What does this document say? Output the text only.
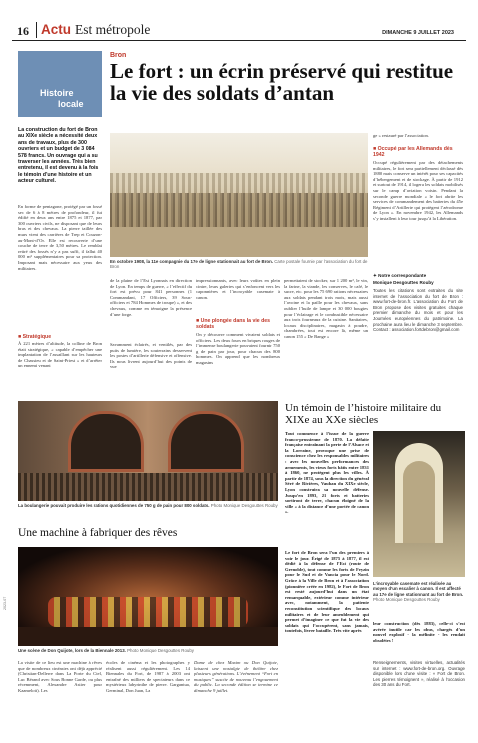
16 Actu Est métropole	DIMANCHE 9 JUILLET 2023
Histoire
locale
Bron
Le fort : un écrin préservé qui restitue la vie des soldats d’antan
La construction du fort de Bron au XIXe siècle a nécessité deux ans de travaux, plus de 300 ouvriers et un budget de 3 084 578 francs. Un ouvrage qui a su traverser les années. Très bien entretenu, il est devenu à la fois le témoin d’une histoire et un acteur culturel.
En forme de pentagone, protégé par un fossé sec de 6 à 8 mètres de profondeur, il fut édifié en deux ans entre 1875 et 1877, par 300 ouvriers civils, ne disposant que de leurs bras et des chevaux. La pierre taillée des murs vient des carrières de Trep et Couzon-au-Mont-d’Or. Elle est recouverte d’une couche de terre de 3,50 mètres. Le remblai retiré des fossés n’y a pas suffi, il fallut 40 000 m³ supplémentaires pour sa protection. Imposant mais nécessaire aux yeux des militaires.
■ Stratégique
À 221 mètres d’altitude, la colline de Bron était stratégique, « capable d’empêcher une implantation de l’assaillant sur les hauteurs de Chassieu et de Saint-Priest » et d’arrêter un ennemi venant
En octobre 1908, la 11e compagnie du 17e de ligne stationnait au fort de Bron. Carte postale fournie par l’association du fort de Bron
de la plaine de l’Est Lyonnais en direction de Lyon. En temps de guerre, « l’effectif du fort est prévu pour 841 personnes (1 Commandant, 17 Officiers, 39 Sous-officiers et 784 Hommes de troupe) », et des chevaux, comme en témoigne la présence d’une forge.
Savamment éclairés, et ventilés, par des puits de lumière, les souterrains desservent les postes d’artillerie défensive et offensive. Ils nous livrent aujourd’hui des points de vue
impressionnants, avec leurs voûtes en plein cintre, leurs galeries qui s’enfoncent vers les caponnières et l’incroyable casemate à canon.
■ Une plongée dans la vie des soldats
On y découvre comment vivaient soldats et officiers. Les deux fours en briques rouges de l’immense boulangerie pouvaient fournir 750 g de pain par jour, pour chacun des 800 hommes. On apprend que les nombreux magasins
permettaient de stocker, sur 1 200 m², le vin, la farine, la viande, les conserves, le café, le sucre, etc. pour les 75 690 rations nécessaires aux soldats pendant trois mois, mais aussi l’avoine et la paille pour les chevaux, sans oublier l’huile de lampe et 30 000 bougies pour l’éclairage et le combustible nécessaire aux trois fourneaux de la cuisine. Sanitaires, locaux disciplinaires, magasin à poudre, chambrées, tout est encore là, même un canon 155 « De Bange »
ge » restauré par l’association.
■ Occupé par les Allemands dès 1942
Occupé régulièrement par des détachements militaires, le fort sera partiellement déclassé dès 1880 mais conserve un intérêt pour ses capacités d’hébergement et de stockage. À partir de 1912 et surtout de 1914, il logera les soldats mobilisés sur le camp d’aviation voisin. Pendant la seconde guerre mondiale « le fort abrite les services de commandement des batteries du 45e Régiment d’Artillerie qui protègent l’aérodrome de Lyon ». En novembre 1942, les Allemands s’y installent à leur tour jusqu’à la Libération.
✦ Notre correspondante
Monique Desgouttes Rouby
Toutes les citations sont extraites du site internet de l’association du fort de Bron : www.fort-de-bron.fr. L’association du Fort de Bron propose des visites gratuites chaque premier dimanche du mois et pour les Journées européennes du patrimoine. La prochaine aura lieu le dimanche 3 septembre. Contact : association.fortdebron@gmail.com
La boulangerie pouvait produire les rations quotidiennes de 750 g de pain pour 800 soldats. Photo Monique Desgouttes Rouby
Un témoin de l’histoire militaire du XIXe au XXe siècles
Tout commence à l’issue de la guerre franco-prussienne de 1870. La défaite française entraînant la perte de l’Alsace et la Lorraine, provoque une prise de conscience chez les responsables militaires : avec les nouvelles performances des armements, les vieux forts bâtis entre 1831 à 1860, ne protègent plus les villes. À partir de 1874, sous la direction du général Séré de Rivières, Vauban du XIXe siècle, Lyon construira sa nouvelle défense. Jusqu’en 1893, 21 forts et batteries sortiront de terre, chacun éloigné de la ville « à la distance d’une portée de canon ».
Le fort de Bron sera l’un des premiers à voir le jour. Érigé de 1875 à 1877, il est dédié à la défense de l’Est (route de Grenoble), tout comme les forts de Feyzin pour le Sud et de Vancia pour le Nord. Grâce à la Ville de Bron et à l’association (pionnière créée en 1982), le Fort de Bron est resté aujourd’hui dans un état remarquable, extérieur comme intérieur avec, notamment, la patiente reconstitution scientifique des locaux militaires et de leur ameublement qui permet d’imaginer ce que fut la vie des soldats qui l’occupèrent, sans jamais, toutefois, livrer bataille. Très vite après
L’incroyable casemate est réalisée au moyen d’un escalier à canon. Il est affecté au 17e de ligne stationnant au fort de Bron. Photo Monique Desgouttes Rouby
leur construction (dès 1883), celle-ci s’est avérée inutile car les obus, chargés d’un nouvel explosif - la mélinite - les rendait obsolètes !
Renseignements, visites virtuelles, actualités sur internet : www.fort-de-bron.org. Ouvrage disponible lors d’une visite : « Fort de Bron. Les pierres témoignent », réalisé à l’occasion des 30 ans du Fort.
Une machine à fabriquer des rêves
Une scène de Don Quijote, lors de la Biennale 2013. Photo Monique Desgouttes Rouby
La visite de ce lieu est une machine à rêves que de nombreux cinéastes ont déjà apprécié (Christian-Dellerre dans La Porte du Ciel, Luc Bérand avec Sous Bonne Garde, ou plus récemment, Alexandre Astier pour Kaamelott). Les
écoles de cinéma et les photographes y réalisent aussi régulièrement. Les 14 Biennales du Fort, de 1987 à 2003 ont entraîné des milliers de spectateurs dans ce mystérieux labyrinthe de pierre. Gargantua, Germinal, Don Juan, La
Dame de chez Maxim ou Don Quijote, laissent une nostalgie de théâtre chez plusieurs générations. L’événement “Fort en musiques” suscite de nouveau l’engouement du public. La seconde édition se termine ce dimanche 9 juillet.
2023-07
